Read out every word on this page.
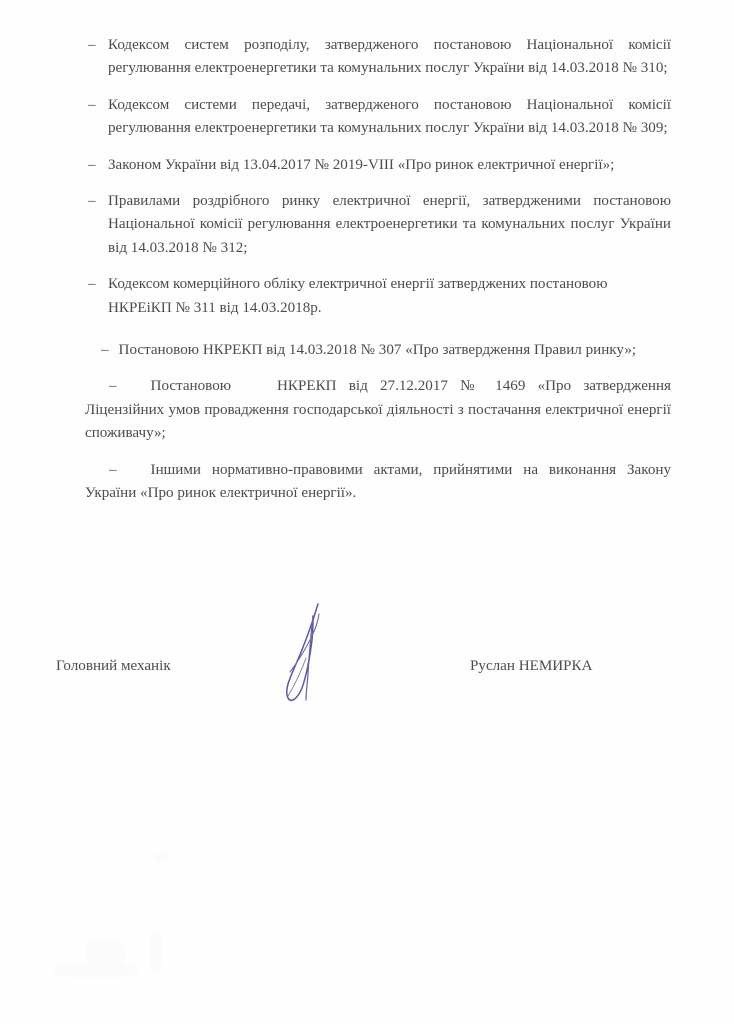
– Кодексом систем розподілу, затвердженого постановою Національної комісії регулювання електроенергетики та комунальних послуг України від 14.03.2018 № 310;
– Кодексом системи передачі, затвердженого постановою Національної комісії регулювання електроенергетики та комунальних послуг України від 14.03.2018 № 309;
– Законом України від 13.04.2017 № 2019-VIII «Про ринок електричної енергії»;
– Правилами роздрібного ринку електричної енергії, затвердженими постановою Національної комісії регулювання електроенергетики та комунальних послуг України від 14.03.2018 № 312;
– Кодексом комерційного обліку електричної енергії затверджених постановою НКРЕіКП № 311 від 14.03.2018р.
– Постановою НКРЕКП від 14.03.2018 № 307 «Про затвердження Правил ринку»;
– Постановою	НКРЕКП від 27.12.2017 № 1469 «Про затвердження Ліцензійних умов провадження господарської діяльності з постачання електричної енергії споживачу»;
– Іншими нормативно-правовими актами, прийнятими на виконання Закону України «Про ринок електричної енергії».
Головний механік	Руслан НЕМИРКА
